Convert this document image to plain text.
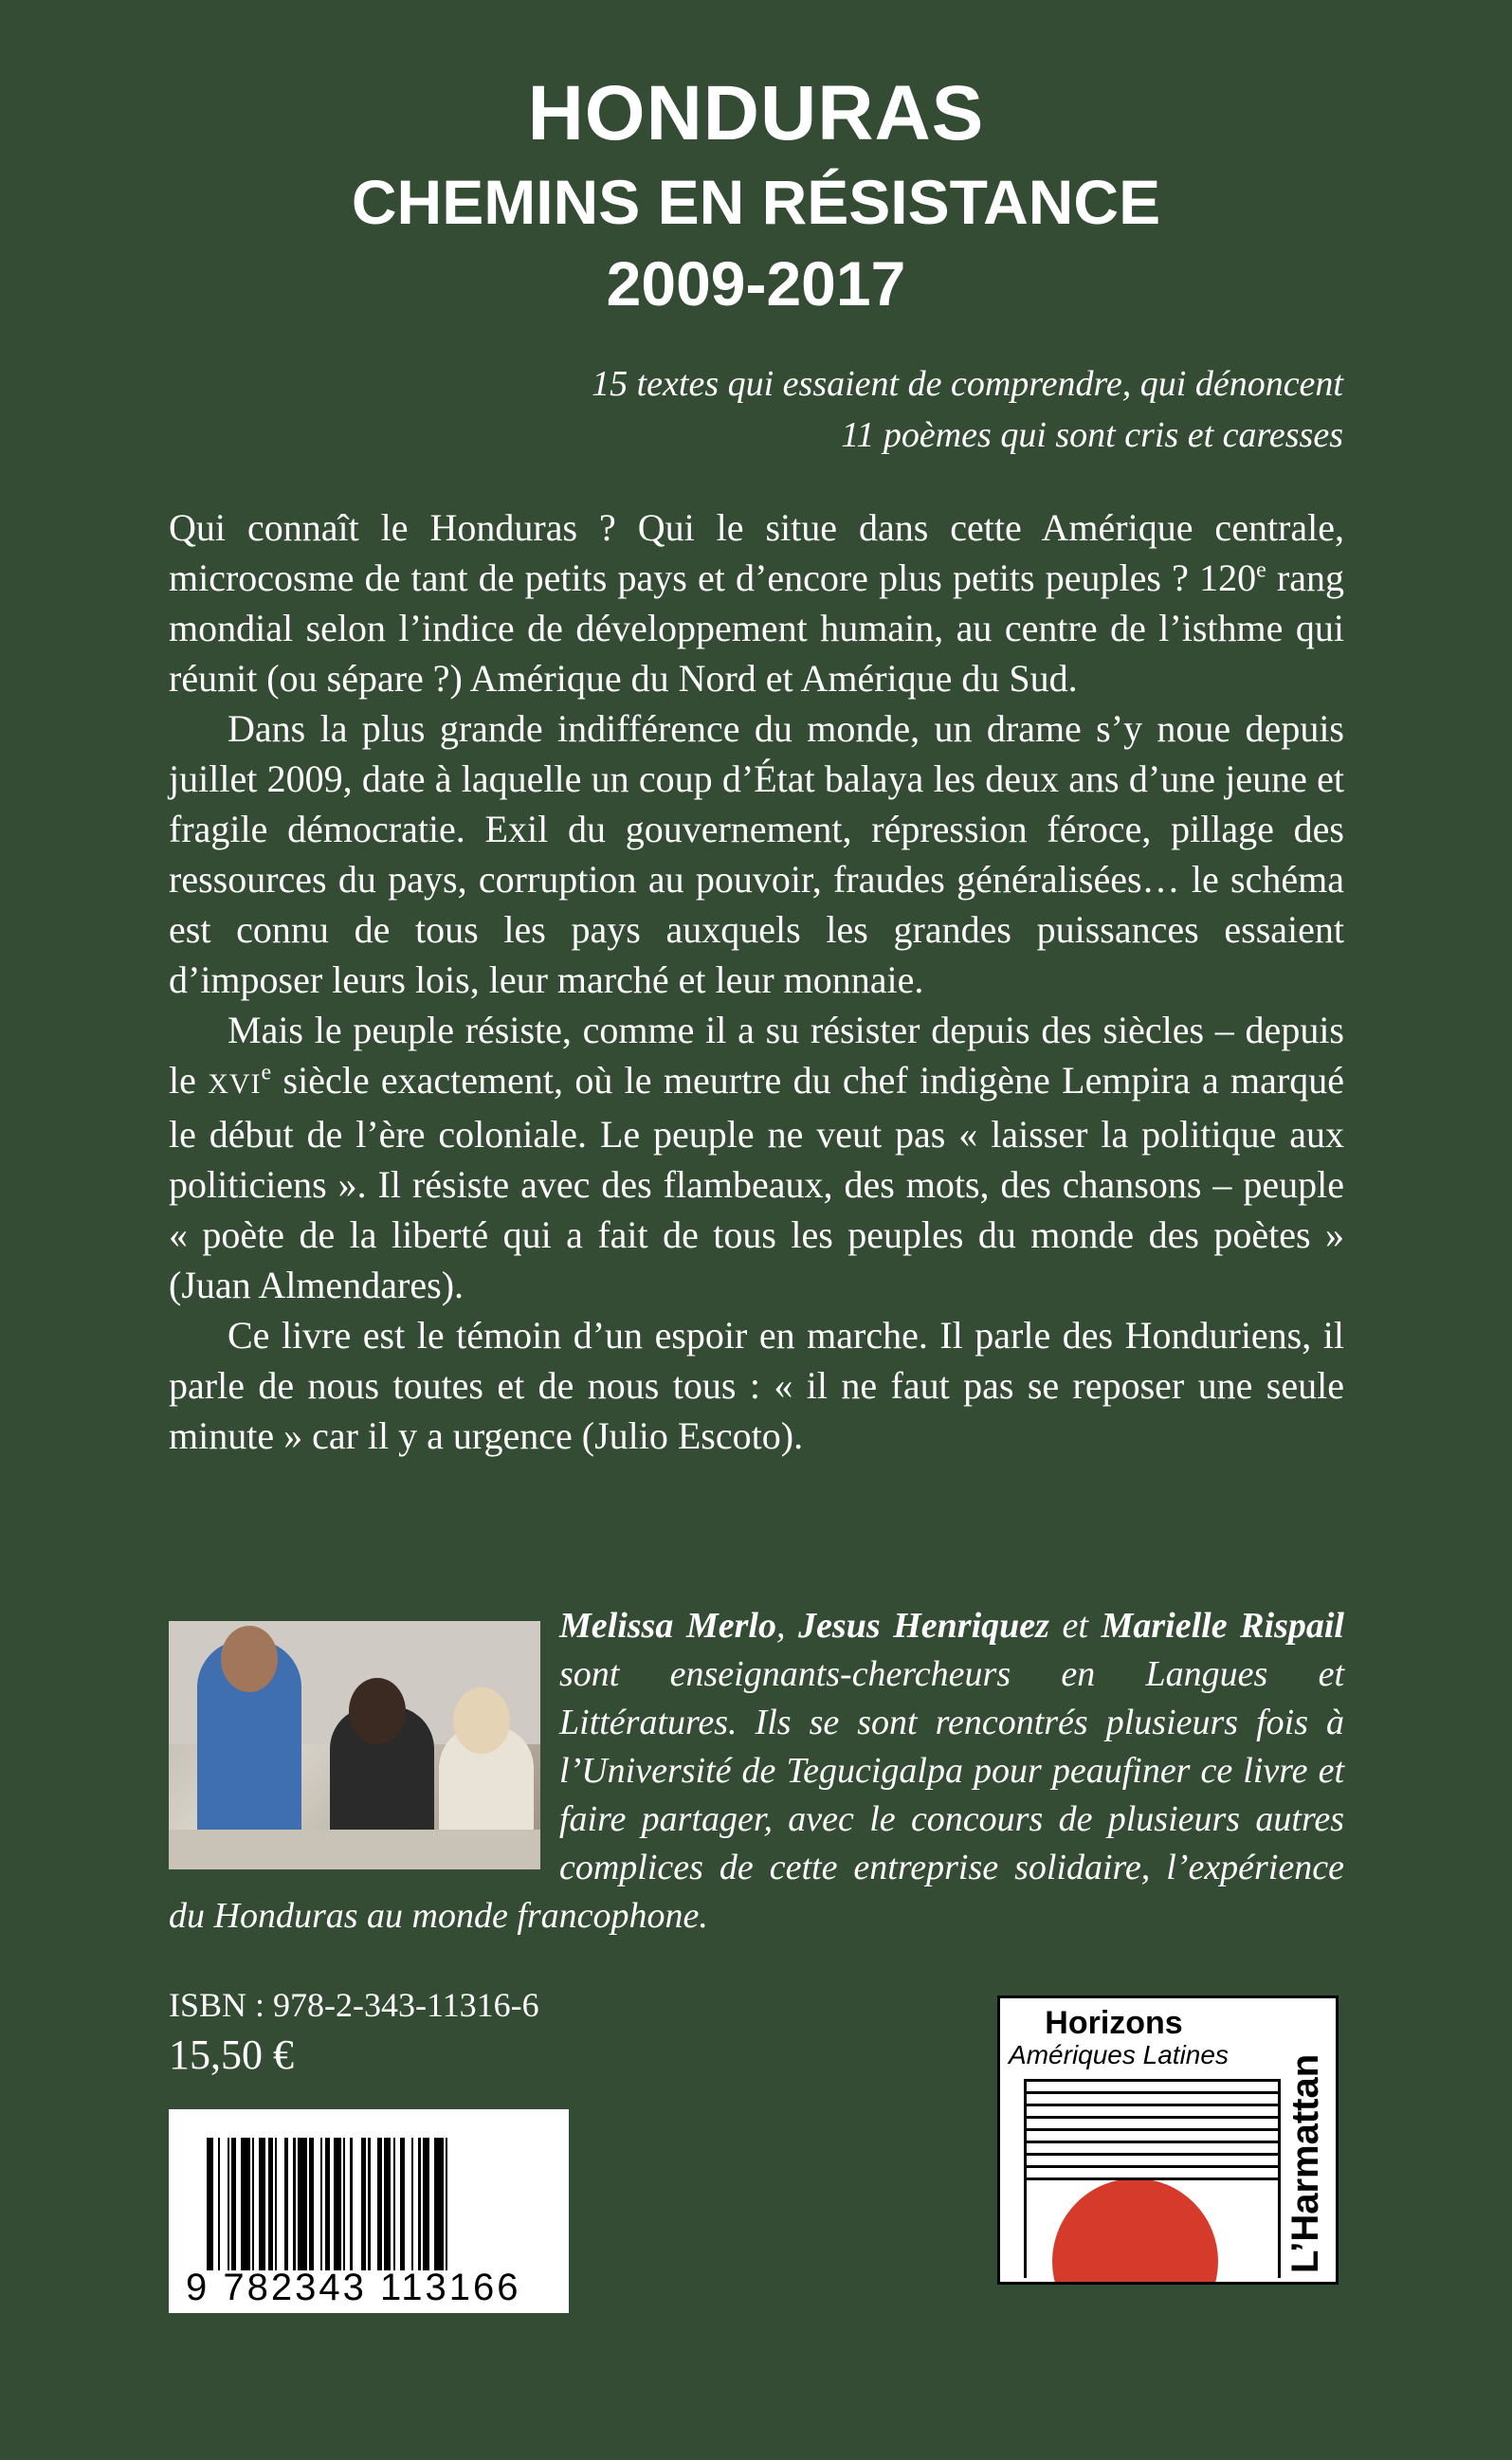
HONDURAS
CHEMINS EN RÉSISTANCE
2009-2017
15 textes qui essaient de comprendre, qui dénoncent
11 poèmes qui sont cris et caresses

Qui connaît le Honduras ? Qui le situe dans cette Amérique centrale, microcosme de tant de petits pays et d’encore plus petits peuples ? 120e rang mondial selon l’indice de développement humain, au centre de l’isthme qui réunit (ou sépare ?) Amérique du Nord et Amérique du Sud.

Dans la plus grande indifférence du monde, un drame s’y noue depuis juillet 2009, date à laquelle un coup d’État balaya les deux ans d’une jeune et fragile démocratie. Exil du gouvernement, répression féroce, pillage des ressources du pays, corruption au pouvoir, fraudes généralisées… le schéma est connu de tous les pays auxquels les grandes puissances essaient d’imposer leurs lois, leur marché et leur monnaie.

Mais le peuple résiste, comme il a su résister depuis des siècles – depuis le XVIe siècle exactement, où le meurtre du chef indigène Lempira a marqué le début de l’ère coloniale. Le peuple ne veut pas « laisser la politique aux politiciens ». Il résiste avec des flambeaux, des mots, des chansons – peuple « poète de la liberté qui a fait de tous les peuples du monde des poètes » (Juan Almendares).

Ce livre est le témoin d’un espoir en marche. Il parle des Honduriens, il parle de nous toutes et de nous tous : « il ne faut pas se reposer une seule minute » car il y a urgence (Julio Escoto).

Melissa Merlo, Jesus Henriquez et Marielle Rispail sont enseignants-chercheurs en Langues et Littératures. Ils se sont rencontrés plusieurs fois à l’Université de Tegucigalpa pour peaufiner ce livre et faire partager, avec le concours de plusieurs autres complices de cette entreprise solidaire, l’expérience du Honduras au monde francophone.
ISBN : 978-2-343-11316-6
15,50 €
9 782343 113166
Horizons
Amériques Latines L’Harmattan
